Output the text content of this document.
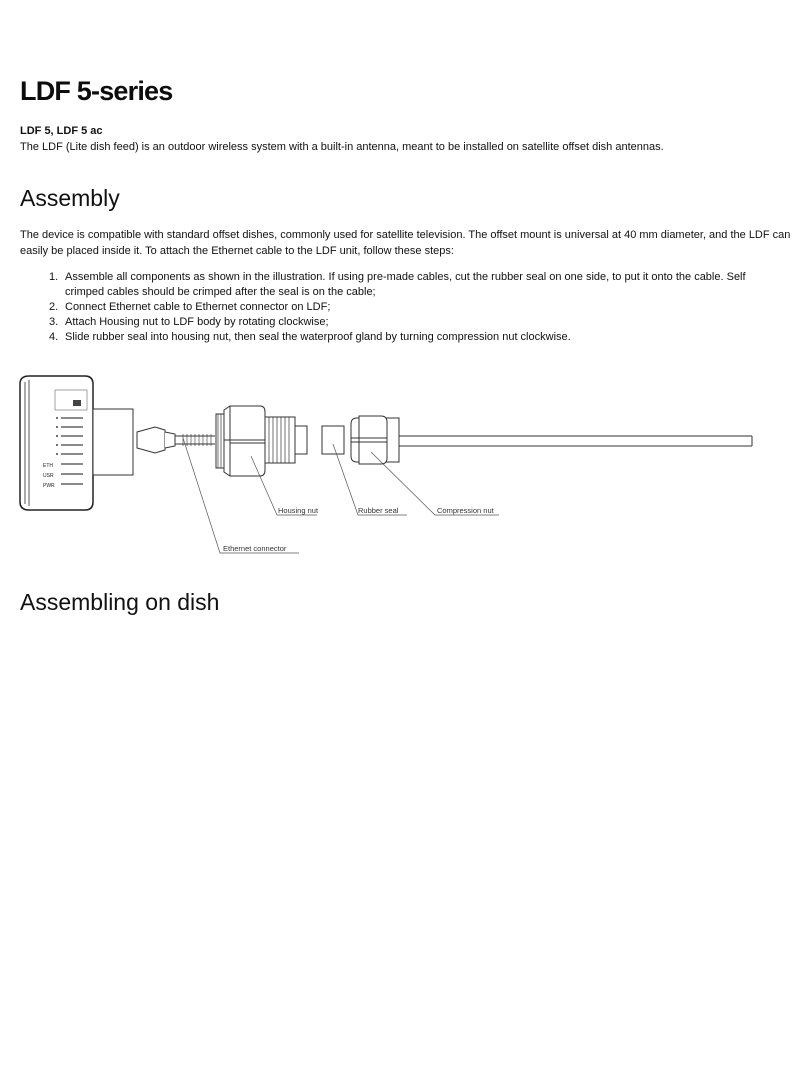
LDF 5-series

LDF 5, LDF 5 ac

The LDF (Lite dish feed) is an outdoor wireless system with a built-in antenna, meant to be installed on satellite offset dish antennas.

Assembly

The device is compatible with standard offset dishes, commonly used for satellite television. The offset mount is universal at 40 mm diameter, and the LDF can easily be placed inside it. To attach the Ethernet cable to the LDF unit, follow these steps:

1. Assemble all components as shown in the illustration. If using pre-made cables, cut the rubber seal on one side, to put it onto the cable. Self crimped cables should be crimped after the seal is on the cable;
2. Connect Ethernet cable to Ethernet connector on LDF;
3. Attach Housing nut to LDF body by rotating clockwise;
4. Slide rubber seal into housing nut, then seal the waterproof gland by turning compression nut clockwise.
ETH
USR
PWR
Housing nut	Rubber seal	Compression nut
Ethernet connector
Assembling on dish
